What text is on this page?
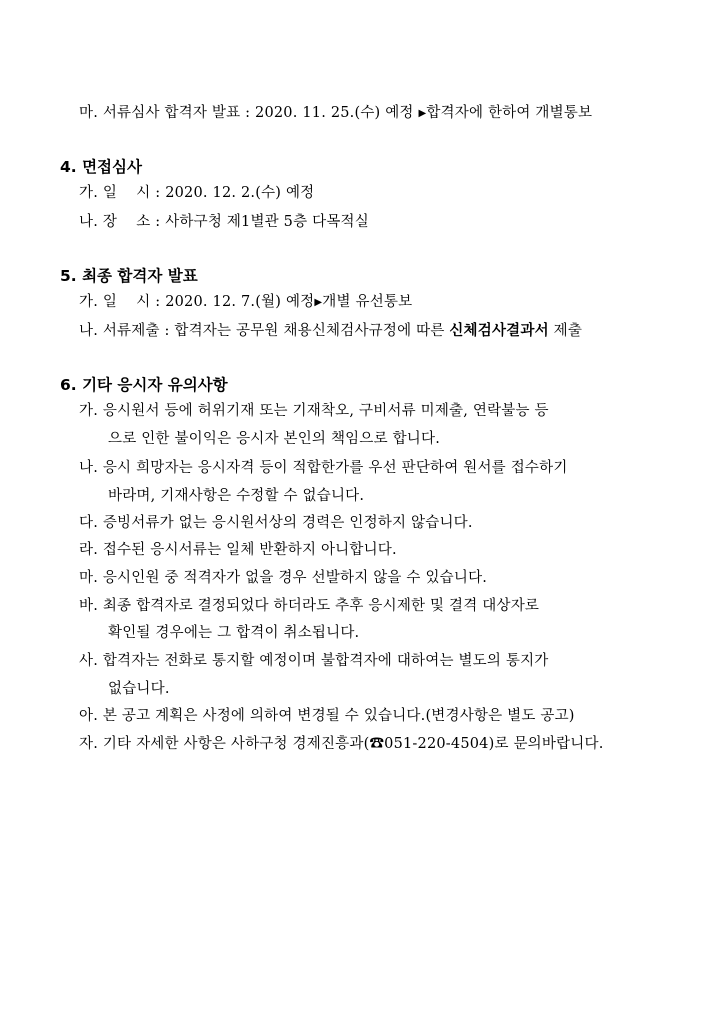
마. 서류심사 합격자 발표 : 2020. 11. 25.(수) 예정 ▶합격자에 한하여 개별통보
4. 면접심사
가. 일    시 : 2020. 12. 2.(수) 예정
나. 장    소 : 사하구청 제1별관 5층 다목적실
5. 최종 합격자 발표
가. 일    시 : 2020. 12. 7.(월) 예정▶개별 유선통보
나. 서류제출 : 합격자는 공무원 채용신체검사규정에 따른 신체검사결과서 제출
6. 기타 응시자 유의사항
가. 응시원서 등에 허위기재 또는 기재착오, 구비서류 미제출, 연락불능 등
으로 인한 불이익은 응시자 본인의 책임으로 합니다.
나. 응시 희망자는 응시자격 등이 적합한가를 우선 판단하여 원서를 접수하기
바라며, 기재사항은 수정할 수 없습니다.
다. 증빙서류가 없는 응시원서상의 경력은 인정하지 않습니다.
라. 접수된 응시서류는 일체 반환하지 아니합니다.
마. 응시인원 중 적격자가 없을 경우 선발하지 않을 수 있습니다.
바. 최종 합격자로 결정되었다 하더라도 추후 응시제한 및 결격 대상자로
확인될 경우에는 그 합격이 취소됩니다.
사. 합격자는 전화로 통지할 예정이며 불합격자에 대하여는 별도의 통지가
없습니다.
아. 본 공고 계획은 사정에 의하여 변경될 수 있습니다.(변경사항은 별도 공고)
자. 기타 자세한 사항은 사하구청 경제진흥과(☎051-220-4504)로 문의바랍니다.
